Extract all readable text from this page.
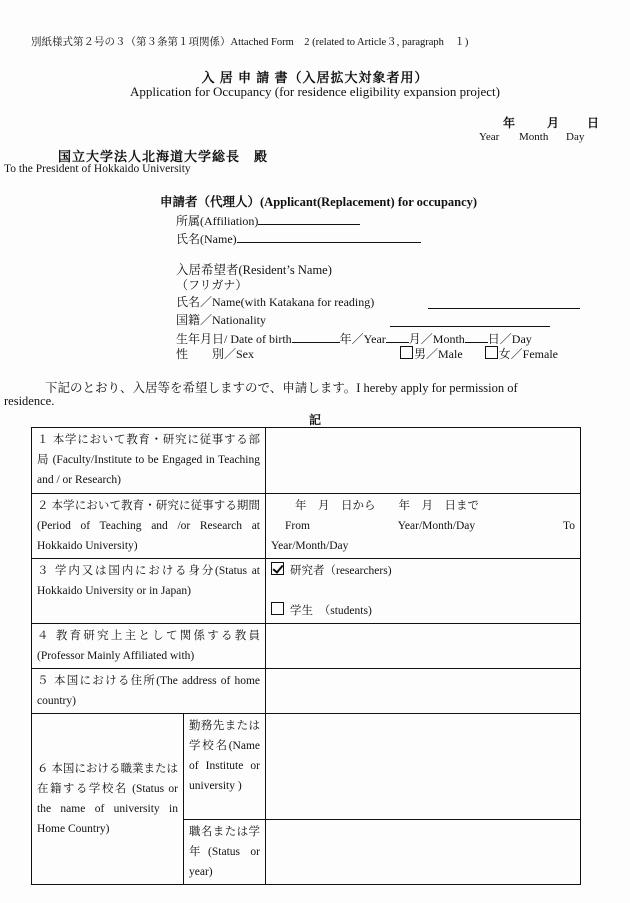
別紙様式第２号の３（第３条第１項関係）Attached Form　2 (related to Article３, paragraph　１)
入 居 申 請 書（入居拡大対象者用）
Application for Occupancy (for residence eligibility expansion project)
年	月 日
Year Month Day
国立大学法人北海道大学総長　殿
To the President of Hokkaido University
申請者（代理人）(Applicant(Replacement) for occupancy)
所属(Affiliation)
氏名(Name)
入居希望者(Resident’s Name)
（フリガナ）
氏名／Name(with Katakana for reading)
国籍／Nationality
生年月日/ Date of birth	年／Year 月／Month 日／Day
性　　別／Sex	男／Male	女／Female
下記のとおり、入居等を希望しますので、申請します。I hereby apply for permission of
residence.
記
１ 本学において教育・研究に従事する部　局 (Faculty/Institute to be Engaged in Teaching and / or Research)		
２ 本学において教育・研究に従事する期間(Period of Teaching and /or Research at Hokkaido University)		年　月　日から　　年　月　日まで
From Year/Month/Day To
Year/Month/Day

３ 学内又は国内における身分(Status at Hokkaido University or in Japan)		研究者（researchers)
学生　（students)

４ 教育研究上主として関係する教員(Professor Mainly Affiliated with)		
５ 本国における住所(The address of home country)		
６ 本国における職業または在籍する学校名 (Status or the name of university in Home Country)	勤務先または学校名(Name of Institute or university )	
	職名または学年(Status or year)	
